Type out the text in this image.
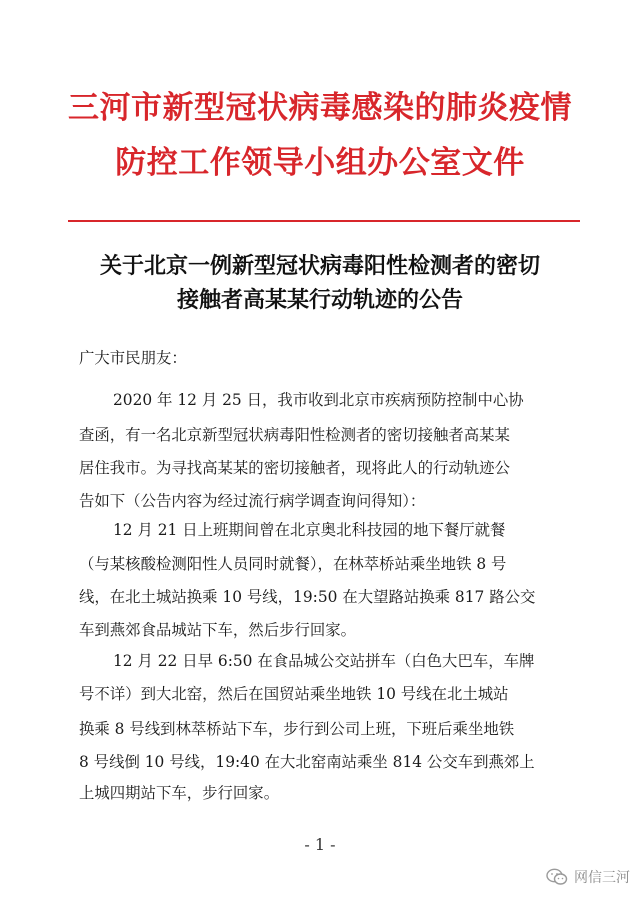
三河市新型冠状病毒感染的肺炎疫情
防控工作领导小组办公室文件
关于北京一例新型冠状病毒阳性检测者的密切
接触者高某某行动轨迹的公告
广大市民朋友：
2020 年 12 月 25 日，我市收到北京市疾病预防控制中心协
查函，有一名北京新型冠状病毒阳性检测者的密切接触者高某某
居住我市。为寻找高某某的密切接触者，现将此人的行动轨迹公
告如下（公告内容为经过流行病学调查询问得知）：
12 月 21 日上班期间曾在北京奥北科技园的地下餐厅就餐
（与某核酸检测阳性人员同时就餐），在林萃桥站乘坐地铁 8 号
线，在北土城站换乘 10 号线，19:50 在大望路站换乘 817 路公交
车到燕郊食品城站下车，然后步行回家。
12 月 22 日早 6:50 在食品城公交站拼车（白色大巴车，车牌
号不详）到大北窑，然后在国贸站乘坐地铁 10 号线在北土城站
换乘 8 号线到林萃桥站下车，步行到公司上班，下班后乘坐地铁
8 号线倒 10 号线，19:40 在大北窑南站乘坐 814 公交车到燕郊上
上城四期站下车，步行回家。
- 1 -
网信三河
